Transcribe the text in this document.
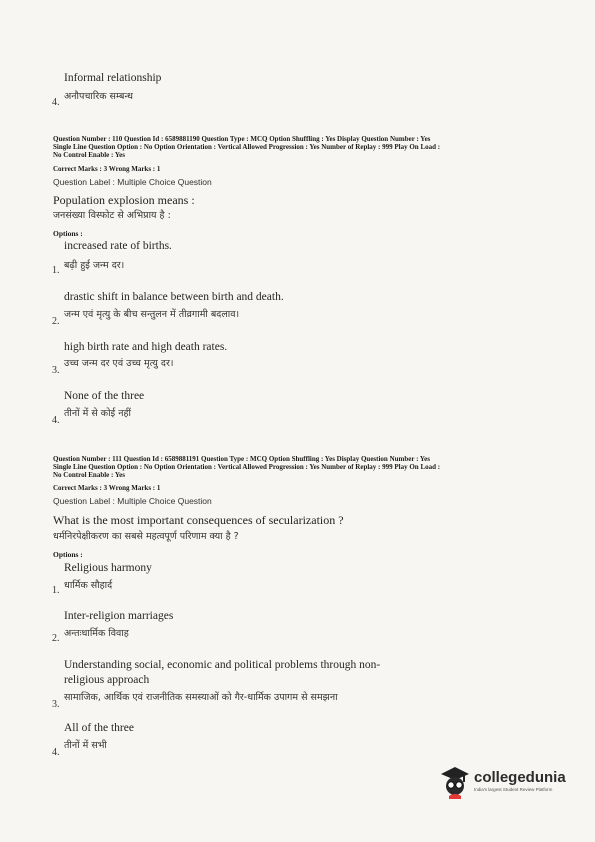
Informal relationship
4.
अनौपचारिक सम्बन्ध
Question Number : 110 Question Id : 6589881190 Question Type : MCQ Option Shuffling : Yes Display Question Number : Yes
Single Line Question Option : No Option Orientation : Vertical Allowed Progression : Yes Number of Replay : 999 Play On Load :
No Control Enable : Yes
Correct Marks : 3 Wrong Marks : 1
Question Label : Multiple Choice Question
Population explosion means :
जनसंख्या विस्फोट से अभिप्राय है :
Options :
increased rate of births.
1. बढ़ी हुई जन्म दर।
drastic shift in balance between birth and death.
2.
जन्म एवं मृत्यु के बीच सन्तुलन में तीव्रगामी बदलाव।
high birth rate and high death rates.
3.
उच्च जन्म दर एवं उच्च मृत्यु दर।
None of the three
4.
तीनों में से कोई नहीं
Question Number : 111 Question Id : 6589881191 Question Type : MCQ Option Shuffling : Yes Display Question Number : Yes
Single Line Question Option : No Option Orientation : Vertical Allowed Progression : Yes Number of Replay : 999 Play On Load :
No Control Enable : Yes
Correct Marks : 3 Wrong Marks : 1
Question Label : Multiple Choice Question
What is the most important consequences of secularization ?
धर्मनिरपेक्षीकरण का सबसे महत्वपूर्ण परिणाम क्या है ?
Options :
Religious harmony
1. धार्मिक सौहार्द
Inter-religion marriages
2. अन्तःधार्मिक विवाह
Understanding social, economic and political problems through non-
religious approach
3.
सामाजिक, आर्थिक एवं राजनीतिक समस्याओं को गैर-धार्मिक उपागम से समझना
All of the three
4.
तीनों में सभी
collegedunia
India's largest Student Review Platform
